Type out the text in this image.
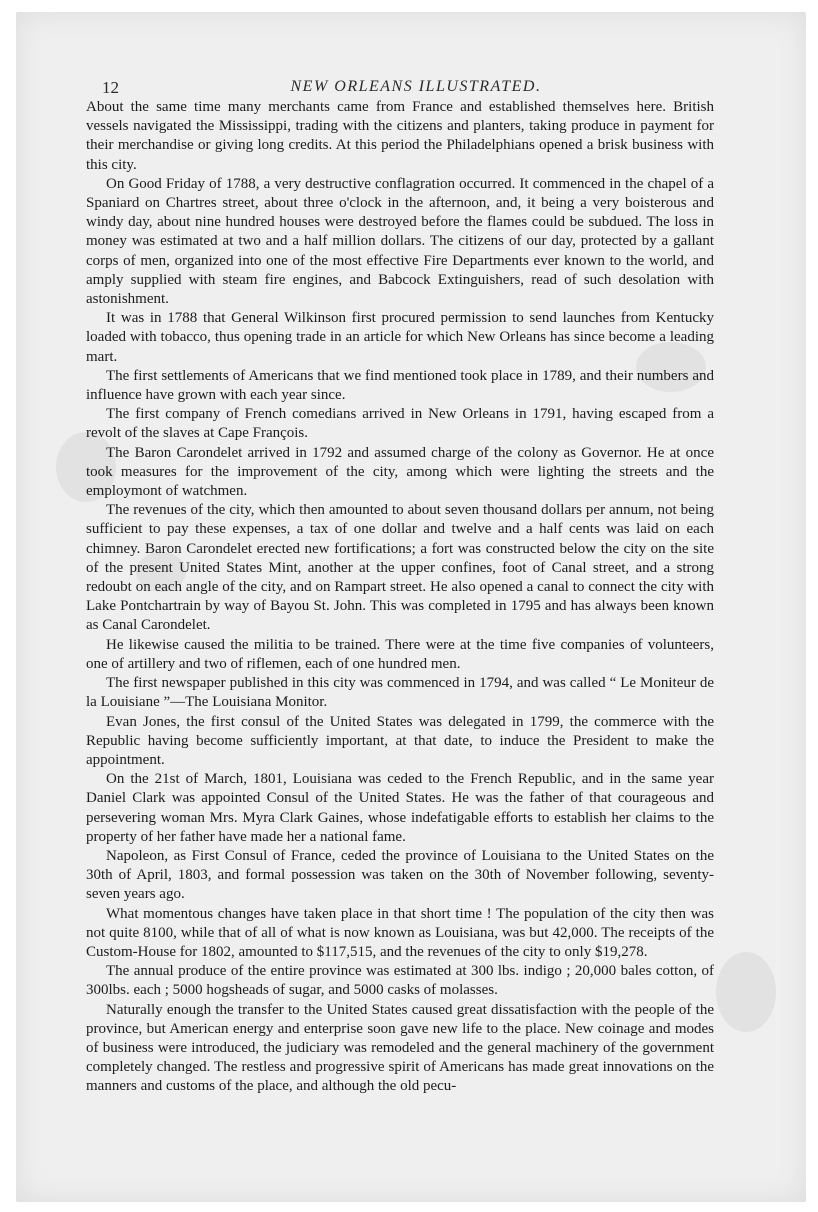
12	NEW ORLEANS ILLUSTRATED.

About the same time many merchants came from France and established themselves here. British vessels navigated the Mississippi, trading with the citizens and planters, taking produce in payment for their merchandise or giving long credits. At this period the Philadelphians opened a brisk business with this city.

On Good Friday of 1788, a very destructive conflagration occurred. It commenced in the chapel of a Spaniard on Chartres street, about three o'clock in the afternoon, and, it being a very boisterous and windy day, about nine hundred houses were destroyed before the flames could be subdued. The loss in money was estimated at two and a half million dollars. The citizens of our day, protected by a gallant corps of men, organized into one of the most effective Fire Departments ever known to the world, and amply supplied with steam fire engines, and Babcock Extinguishers, read of such desolation with astonishment.

It was in 1788 that General Wilkinson first procured permission to send launches from Kentucky loaded with tobacco, thus opening trade in an article for which New Orleans has since become a leading mart.

The first settlements of Americans that we find mentioned took place in 1789, and their numbers and influence have grown with each year since.

The first company of French comedians arrived in New Orleans in 1791, having escaped from a revolt of the slaves at Cape François.

The Baron Carondelet arrived in 1792 and assumed charge of the colony as Governor. He at once took measures for the improvement of the city, among which were lighting the streets and the employmont of watchmen.

The revenues of the city, which then amounted to about seven thousand dollars per annum, not being sufficient to pay these expenses, a tax of one dollar and twelve and a half cents was laid on each chimney. Baron Carondelet erected new fortifications; a fort was constructed below the city on the site of the present United States Mint, another at the upper confines, foot of Canal street, and a strong redoubt on each angle of the city, and on Rampart street. He also opened a canal to connect the city with Lake Pontchartrain by way of Bayou St. John. This was completed in 1795 and has always been known as Canal Carondelet.

He likewise caused the militia to be trained. There were at the time five companies of volunteers, one of artillery and two of riflemen, each of one hundred men.

The first newspaper published in this city was commenced in 1794, and was called “ Le Moniteur de la Louisiane ”—The Louisiana Monitor.

Evan Jones, the first consul of the United States was delegated in 1799, the commerce with the Republic having become sufficiently important, at that date, to induce the President to make the appointment.

On the 21st of March, 1801, Louisiana was ceded to the French Republic, and in the same year Daniel Clark was appointed Consul of the United States. He was the father of that courageous and persevering woman Mrs. Myra Clark Gaines, whose indefatigable efforts to establish her claims to the property of her father have made her a national fame.

Napoleon, as First Consul of France, ceded the province of Louisiana to the United States on the 30th of April, 1803, and formal possession was taken on the 30th of November following, seventy-seven years ago.

What momentous changes have taken place in that short time ! The population of the city then was not quite 8100, while that of all of what is now known as Louisiana, was but 42,000. The receipts of the Custom-House for 1802, amounted to $117,515, and the revenues of the city to only $19,278.

The annual produce of the entire province was estimated at 300 lbs. indigo ; 20,000 bales cotton, of 300lbs. each ; 5000 hogsheads of sugar, and 5000 casks of molasses.

Naturally enough the transfer to the United States caused great dissatisfaction with the people of the province, but American energy and enterprise soon gave new life to the place. New coinage and modes of business were introduced, the judiciary was remodeled and the general machinery of the government completely changed. The restless and progressive spirit of Americans has made great innovations on the manners and customs of the place, and although the old pecu-
